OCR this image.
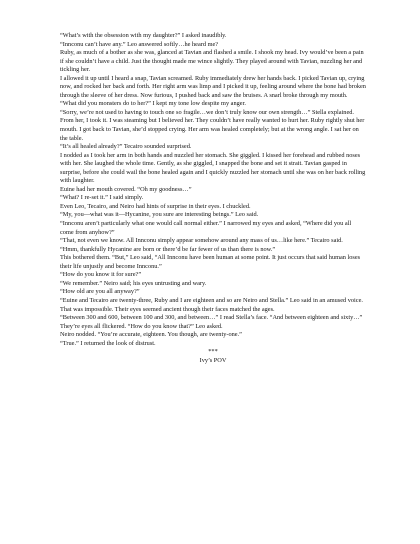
“What’s with the obsession with my daughter?” I asked inaudibly.

“Innconu can’t have any.” Leo answered softly…he heard me?

Ruby, as much of a bother as she was, glanced at Tavian and flashed a smile. I shook my head. Ivy would’ve been a pain if she couldn’t have a child. Just the thought made me wince slightly. They played around with Tavian, nuzzling her and tickling her.

I allowed it up until I heard a snap, Tavian screamed. Ruby immediately drew her hands back. I picked Tavian up, crying now, and rocked her back and forth. Her right arm was limp and I picked it up, feeling around where the bone had broken through the sleeve of her dress. Now furious, I pushed back and saw the bruises. A snarl broke through my mouth.

“What did you monsters do to her?” I kept my tone low despite my anger.

“Sorry, we’re not used to having to touch one so fragile…we don’t truly know our own strength…” Stella explained.

From her, I took it. I was steaming but I believed her. They couldn’t have really wanted to hurt her. Ruby rightly shut her mouth. I got back to Tavian, she’d stopped crying. Her arm was healed completely; but at the wrong angle. I sat her on the table.

“It’s all healed already?” Tecairo sounded surprised.

I nodded as I took her arm in both hands and nuzzled her stomach. She giggled. I kissed her forehead and rubbed noses with her. She laughed the whole time. Gently, as she giggled, I snapped the bone and set it strait. Tavian gasped in surprise, before she could wail the bone healed again and I quickly nuzzled her stomach until she was on her back rolling with laughter.

Euine had her mouth covered. “Oh my goodness…”

“What? I re-set it.” I said simply.

Even Leo, Tecairo, and Neiro had hints of surprise in their eyes. I chuckled.

“My, you—what was it—Hycanine, you sure are interesting beings.” Leo said.

“Innconu aren’t particularly what one would call normal either.” I narrowed my eyes and asked, “Where did you all come from anyhow?”

“That, not even we know. All Innconu simply appear somehow around any mass of us…like here.” Tecairo said.

“Hmm, thankfully Hycanine are born or there’d be far fewer of us than there is now.”

This bothered them. “But,” Leo said, “All Innconu have been human at some point. It just occurs that said human loses their life unjustly and become Innconu.”

“How do you know it for sure?”

“We remember.” Neiro said; his eyes untrusting and wary.

“How old are you all anyway?”

“Euine and Tecairo are twenty-three, Ruby and I are eighteen and so are Neiro and Stella.” Leo said in an amused voice.

That was impossible. Their eyes seemed ancient though their faces matched the ages.

“Between 300 and 600, between 100 and 300, and between…” I read Stella’s face. “And between eighteen and sixty…”

They’re eyes all flickered. “How do you know that?” Leo asked.

Neiro nodded. “You’re accurate, eighteen. You though, are twenty-one.”

“True.” I returned the look of distrust.

***

Ivy’s POV
